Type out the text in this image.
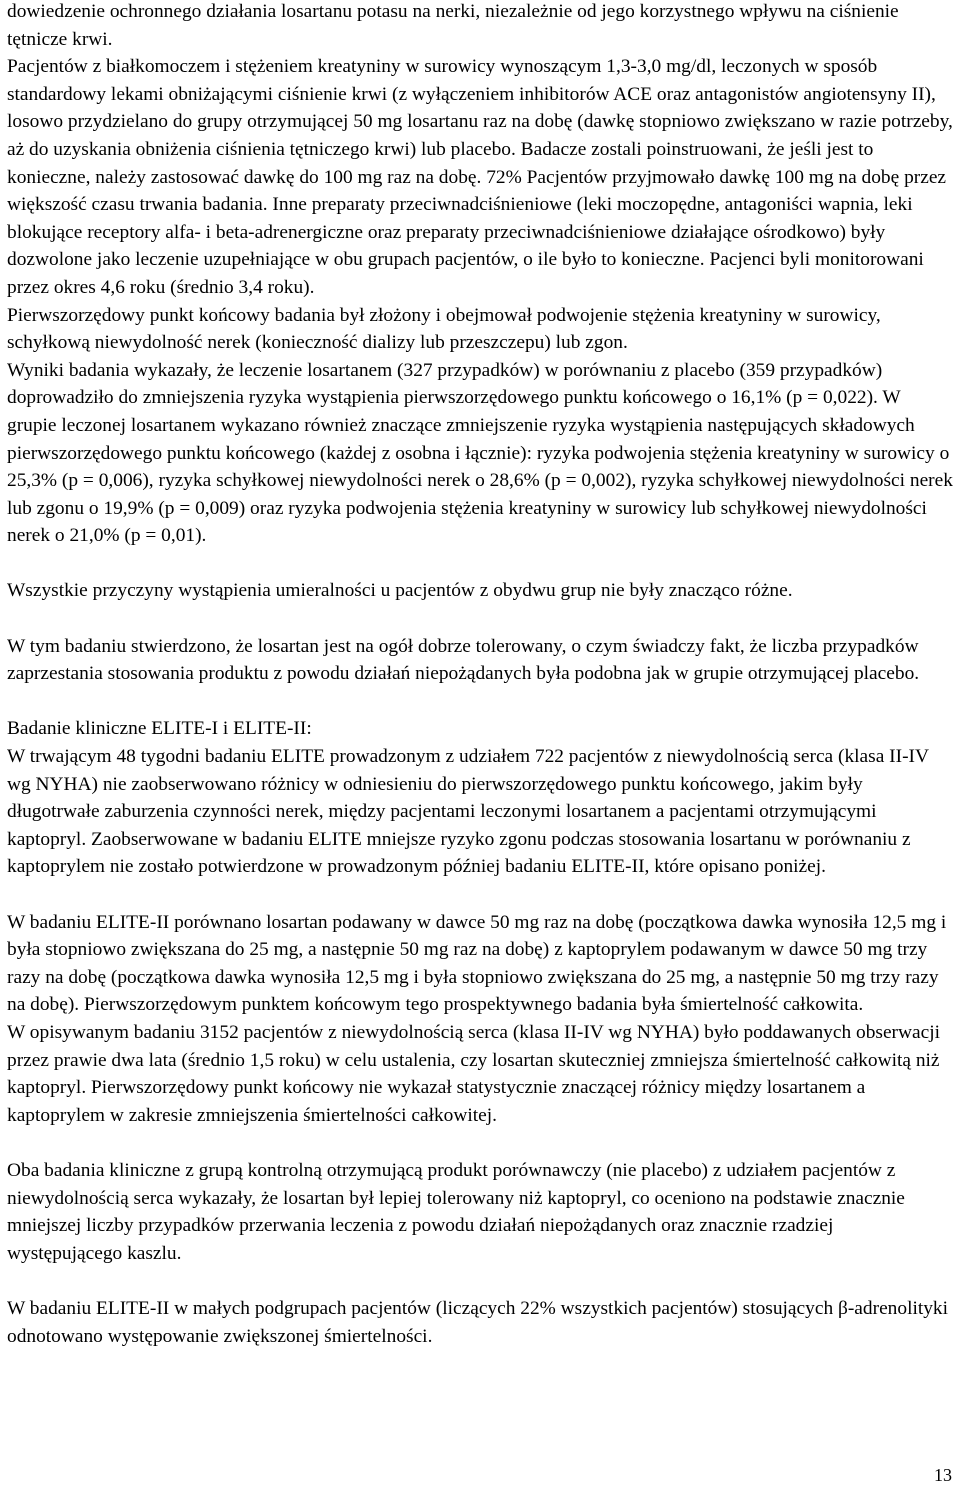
dowiedzenie ochronnego działania losartanu potasu na nerki, niezależnie od jego korzystnego wpływu na ciśnienie tętnicze krwi.

Pacjentów z białkomoczem i stężeniem kreatyniny w surowicy wynoszącym 1,3-3,0 mg/dl, leczonych w sposób standardowy lekami obniżającymi ciśnienie krwi (z wyłączeniem inhibitorów ACE oraz antagonistów angiotensyny II), losowo przydzielano do grupy otrzymującej 50 mg losartanu raz na dobę (dawkę stopniowo zwiększano w razie potrzeby, aż do uzyskania obniżenia ciśnienia tętniczego krwi) lub placebo. Badacze zostali poinstruowani, że jeśli jest to konieczne, należy zastosować dawkę do 100 mg raz na dobę. 72% Pacjentów przyjmowało dawkę 100 mg na dobę przez większość czasu trwania badania. Inne preparaty przeciwnadciśnieniowe (leki moczopędne, antagoniści wapnia, leki blokujące receptory alfa- i beta-adrenergiczne oraz preparaty przeciwnadciśnieniowe działające ośrodkowo) były dozwolone jako leczenie uzupełniające w obu grupach pacjentów, o ile było to konieczne. Pacjenci byli monitorowani przez okres 4,6 roku (średnio 3,4 roku).

Pierwszorzędowy punkt końcowy badania był złożony i obejmował podwojenie stężenia kreatyniny w surowicy, schyłkową niewydolność nerek (konieczność dializy lub przeszczepu) lub zgon.

Wyniki badania wykazały, że leczenie losartanem (327 przypadków) w porównaniu z placebo (359 przypadków) doprowadziło do zmniejszenia ryzyka wystąpienia pierwszorzędowego punktu końcowego o 16,1% (p = 0,022). W grupie leczonej losartanem wykazano również znaczące zmniejszenie ryzyka wystąpienia następujących składowych pierwszorzędowego punktu końcowego (każdej z osobna i łącznie): ryzyka podwojenia stężenia kreatyniny w surowicy o 25,3% (p = 0,006), ryzyka schyłkowej niewydolności nerek o 28,6% (p = 0,002), ryzyka schyłkowej niewydolności nerek lub zgonu o 19,9% (p = 0,009) oraz ryzyka podwojenia stężenia kreatyniny w surowicy lub schyłkowej niewydolności nerek o 21,0% (p = 0,01).

Wszystkie przyczyny wystąpienia umieralności u pacjentów z obydwu grup nie były znacząco różne.

W tym badaniu stwierdzono, że losartan jest na ogół dobrze tolerowany, o czym świadczy fakt, że liczba przypadków zaprzestania stosowania produktu z powodu działań niepożądanych była podobna jak w grupie otrzymującej placebo.

Badanie kliniczne ELITE-I i ELITE-II:

W trwającym 48 tygodni badaniu ELITE prowadzonym z udziałem 722 pacjentów z niewydolnością serca (klasa II-IV wg NYHA) nie zaobserwowano różnicy w odniesieniu do pierwszorzędowego punktu końcowego, jakim były długotrwałe zaburzenia czynności nerek, między pacjentami leczonymi losartanem a pacjentami otrzymującymi kaptopryl. Zaobserwowane w badaniu ELITE mniejsze ryzyko zgonu podczas stosowania losartanu w porównaniu z kaptoprylem nie zostało potwierdzone w prowadzonym później badaniu ELITE-II, które opisano poniżej.

W badaniu ELITE-II porównano losartan podawany w dawce 50 mg raz na dobę (początkowa dawka wynosiła 12,5 mg i była stopniowo zwiększana do 25 mg, a następnie 50 mg raz na dobę) z kaptoprylem podawanym w dawce 50 mg trzy razy na dobę (początkowa dawka wynosiła 12,5 mg i była stopniowo zwiększana do 25 mg, a następnie 50 mg trzy razy na dobę). Pierwszorzędowym punktem końcowym tego prospektywnego badania była śmiertelność całkowita.

W opisywanym badaniu 3152 pacjentów z niewydolnością serca (klasa II-IV wg NYHA) było poddawanych obserwacji przez prawie dwa lata (średnio 1,5 roku) w celu ustalenia, czy losartan skuteczniej zmniejsza śmiertelność całkowitą niż kaptopryl. Pierwszorzędowy punkt końcowy nie wykazał statystycznie znaczącej różnicy między losartanem a kaptoprylem w zakresie zmniejszenia śmiertelności całkowitej.

Oba badania kliniczne z grupą kontrolną otrzymującą produkt porównawczy (nie placebo) z udziałem pacjentów z niewydolnością serca wykazały, że losartan był lepiej tolerowany niż kaptopryl, co oceniono na podstawie znacznie mniejszej liczby przypadków przerwania leczenia z powodu działań niepożądanych oraz znacznie rzadziej występującego kaszlu.

W badaniu ELITE-II w małych podgrupach pacjentów (liczących 22% wszystkich pacjentów) stosujących β-adrenolityki odnotowano występowanie zwiększonej śmiertelności.

13
